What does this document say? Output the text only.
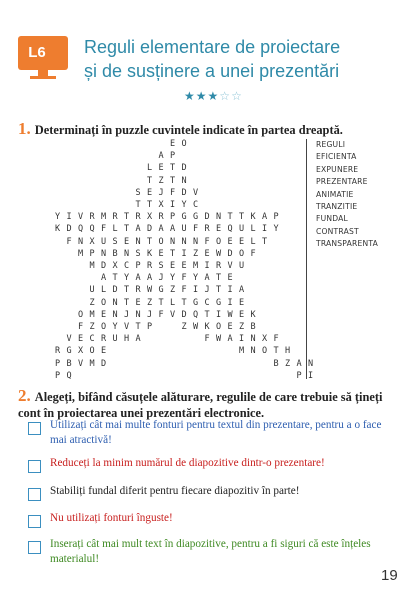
L6	Reguli elementare de proiectare
și de susținere a unei prezentări
★★★☆☆
1. Determinați în puzzle cuvintele indicate în partea dreaptă.
E O
A P
L E T D
T Z T N
S E J F D V
T T X I Y C
Y I V R M R T R X R P G G D N T T K A P
K D Q Q F L T A D A A U F R E Q U L I Y
F N X U S E N T O N N N F O E E L T
M P N B N S K E T I Z E W D O F
M D X C P R S E E M I R V U
A T Y A A J Y F Y A T E
U L D T R W G Z F I J T I A
Z O N T E Z T L T G C G I E
O M E N J N J F V D Q T I W E K
F Z O Y V T P	Z W K O E Z B
V E C R U H A	F W A I N X F
R G X O E	M N O T H
P B V M D	B Z A N
P Q	P I
REGULI
EFICIENTA
EXPUNERE
PREZENTARE
ANIMATIE
TRANZITIE
FUNDAL
CONTRAST
TRANSPARENTA
2. Alegeți, bifând căsuțele alăturare, regulile de care trebuie să țineți cont în proiectarea unei prezentări electronice.
Utilizați cât mai multe fonturi pentru textul din prezentare, pentru a o face mai atractivă!
Reduceți la minim numărul de diapozitive dintr-o prezentare!
Stabiliți fundal diferit pentru fiecare diapozitiv în parte!
Nu utilizați fonturi înguste!
Inserați cât mai mult text în diapozitive, pentru a fi siguri că este înțeles materialul!
19
